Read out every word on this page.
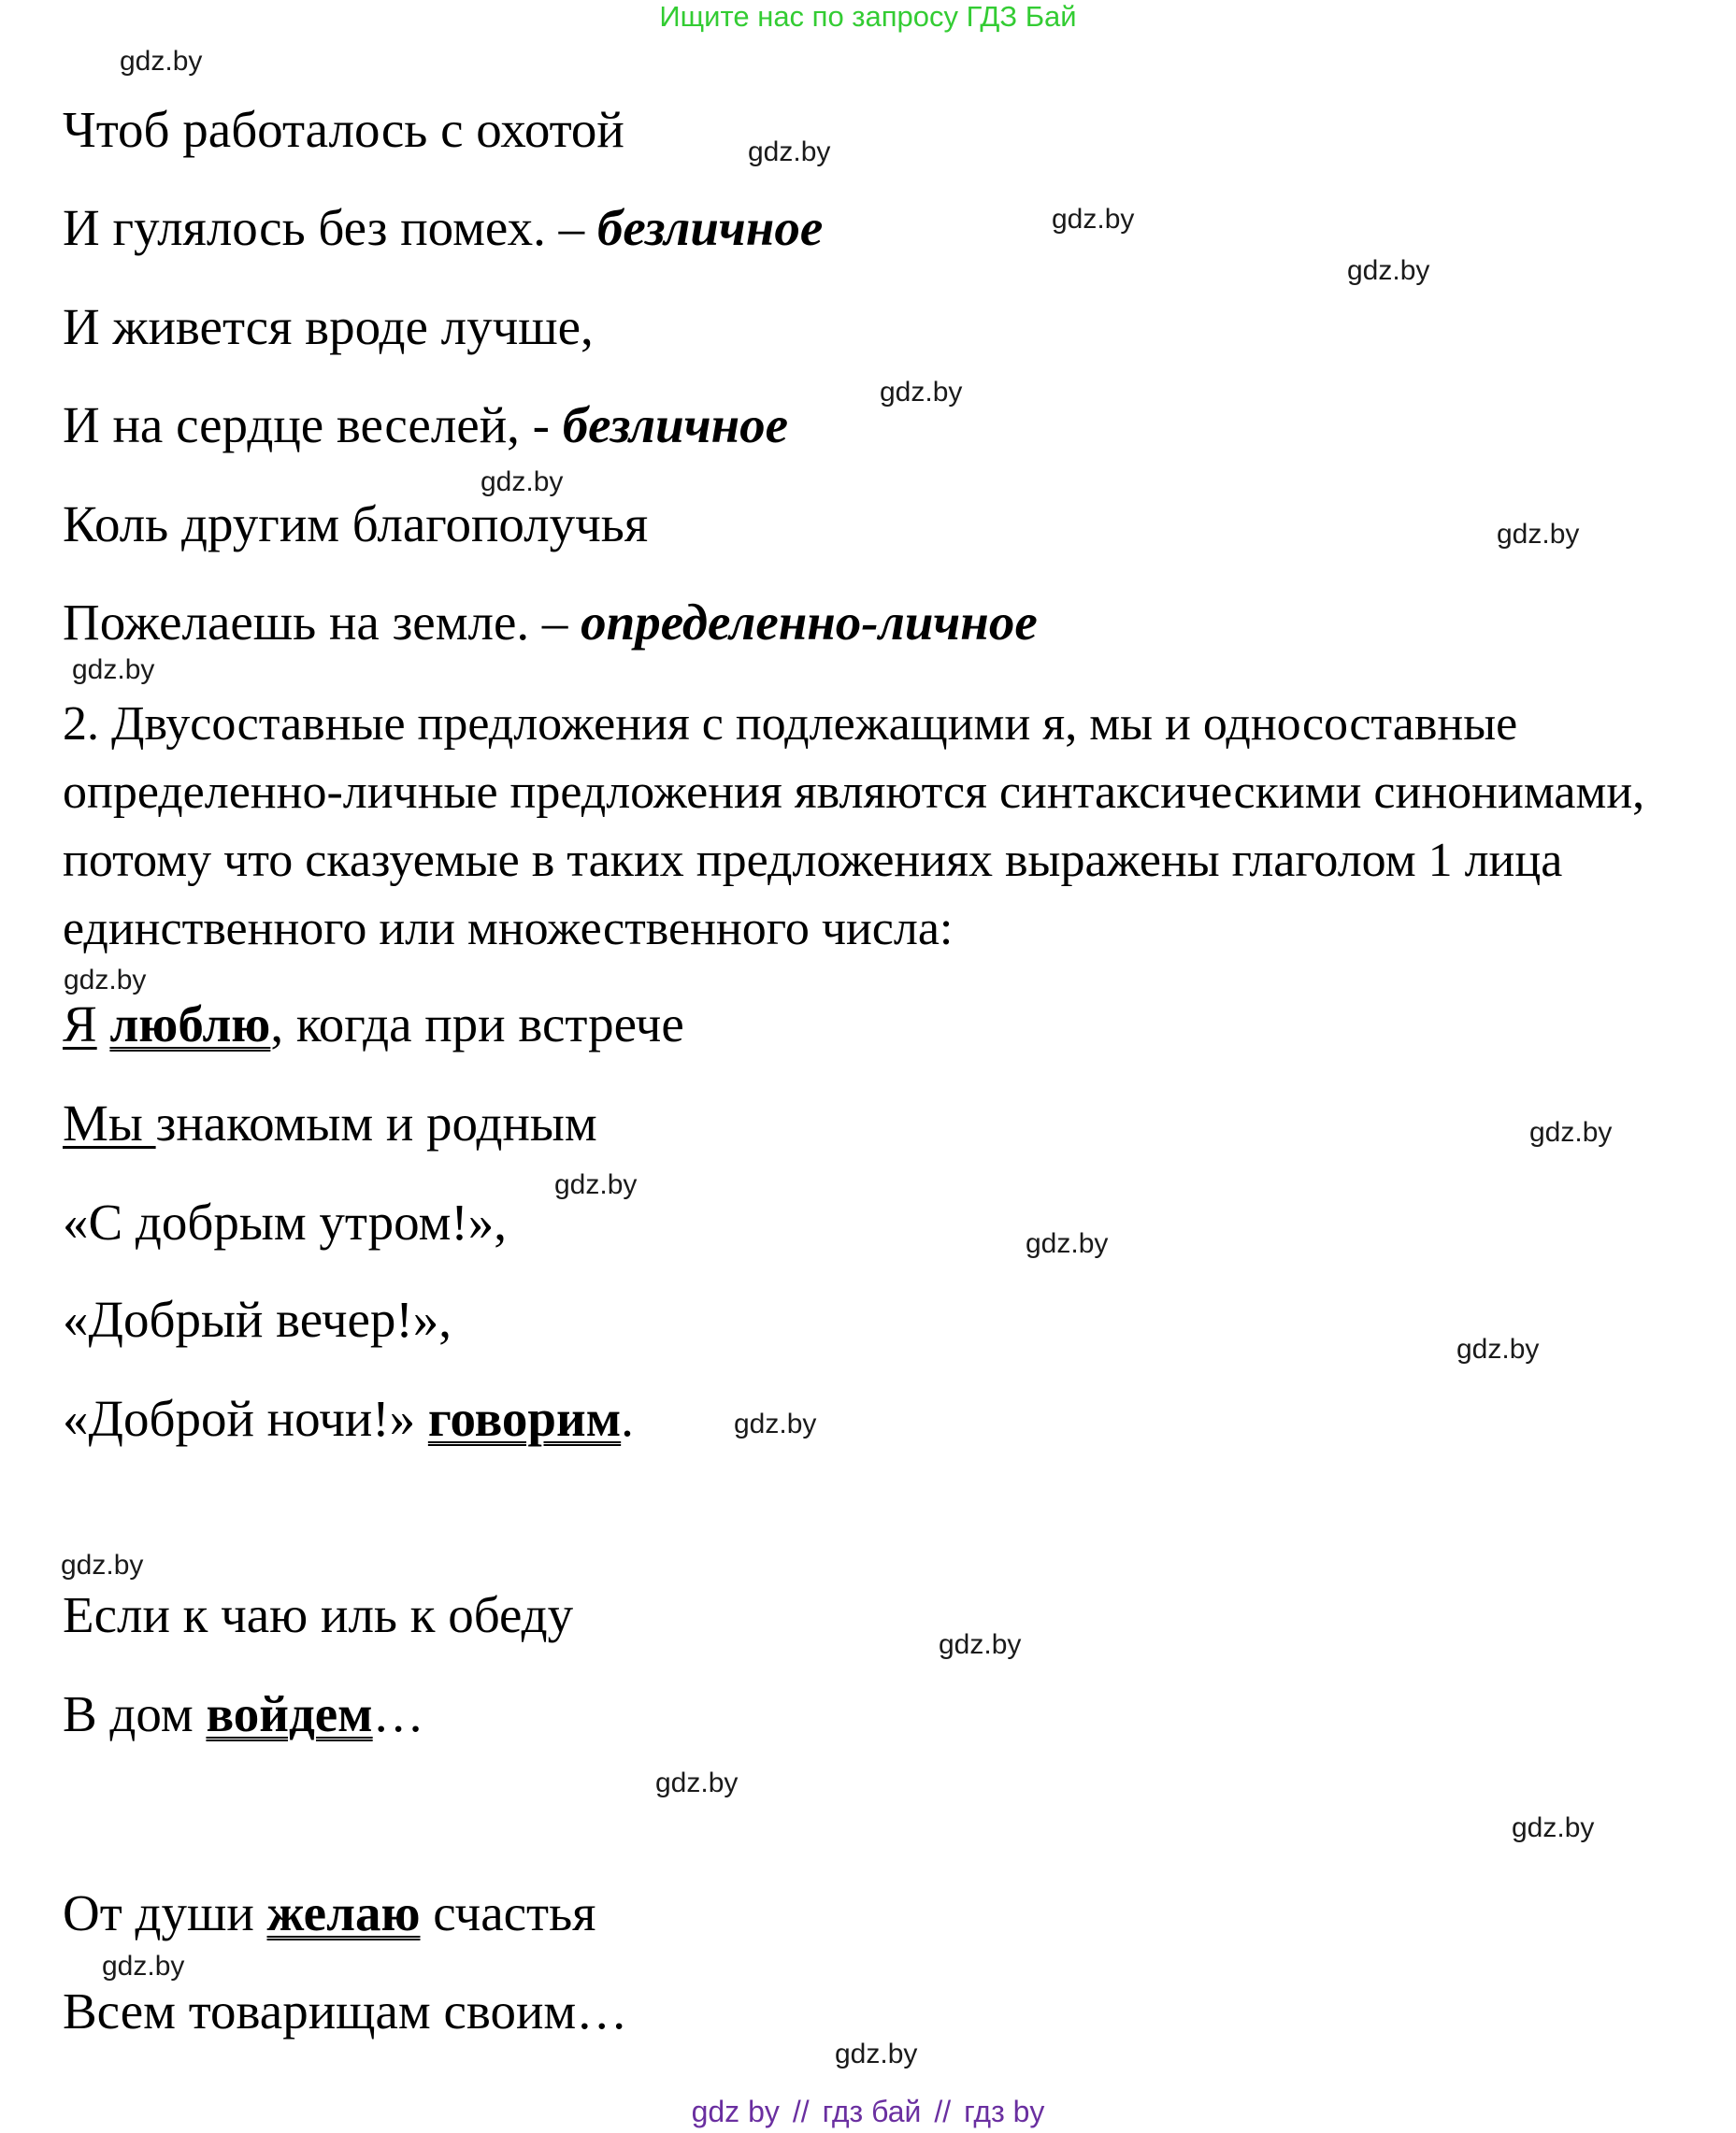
Ищите нас по запросу ГДЗ Бай
Чтоб работалось с охотой
И гулялось без помех. – безличное
И живется вроде лучше,
И на сердце веселей, - безличное
Коль другим благополучья
Пожелаешь на земле. – определенно-личное
2. Двусоставные предложения с подлежащими я, мы и односоставные определенно-личные предложения являются синтаксическими синонимами, потому что сказуемые в таких предложениях выражены глаголом 1 лица единственного или множественного числа:
Я люблю, когда при встрече
Мы знакомым и родным
«С добрым утром!»,
«Добрый вечер!»,
«Доброй ночи!» говорим.
Если к чаю иль к обеду
В дом войдем…
От души желаю счастья
Всем товарищам своим…
gdz.by
gdz.by
gdz.by
gdz.by
gdz.by
gdz.by
gdz.by
gdz.by
gdz.by
gdz.by
gdz.by
gdz.by
gdz.by
gdz.by
gdz.by
gdz.by
gdz.by
gdz.by
gdz.by
gdz.by
gdz by // гдз бай // гдз by
